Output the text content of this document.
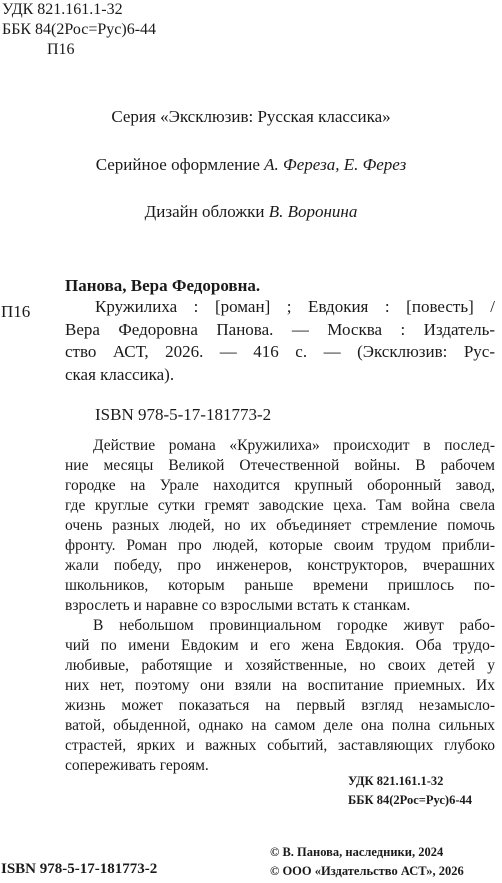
УДК 821.161.1-32
ББК 84(2Рос=Рус)6-44
П16
Серия «Эксклюзив: Русская классика»
Серийное оформление А. Фереза, Е. Ферез
Дизайн обложки В. Воронина
Панова, Вера Федоровна.
П16	Кружилиха : [роман] ; Евдокия : [повесть] /
Вера Федоровна Панова. — Москва : Издатель-
ство АСТ, 2026. — 416 с. — (Эксклюзив: Рус-
ская классика).
ISBN 978-5-17-181773-2
Действие романа «Кружилиха» происходит в послед-
ние месяцы Великой Отечественной войны. В рабочем
городке на Урале находится крупный оборонный завод,
где круглые сутки гремят заводские цеха. Там война свела
очень разных людей, но их объединяет стремление помочь
фронту. Роман про людей, которые своим трудом прибли-
жали победу, про инженеров, конструкторов, вчерашних
школьников, которым раньше времени пришлось по-
взрослеть и наравне со взрослыми встать к станкам.
В небольшом провинциальном городке живут рабо-
чий по имени Евдоким и его жена Евдокия. Оба трудо-
любивые, работящие и хозяйственные, но своих детей у
них нет, поэтому они взяли на воспитание приемных. Их
жизнь может показаться на первый взгляд незамысло-
ватой, обыденной, однако на самом деле она полна сильных
страстей, ярких и важных событий, заставляющих глубоко
сопереживать героям.
УДК 821.161.1-32
ББК 84(2Рос=Рус)6-44
© В. Панова, наследники, 2024
© ООО «Издательство АСТ», 2026
ISBN 978-5-17-181773-2
